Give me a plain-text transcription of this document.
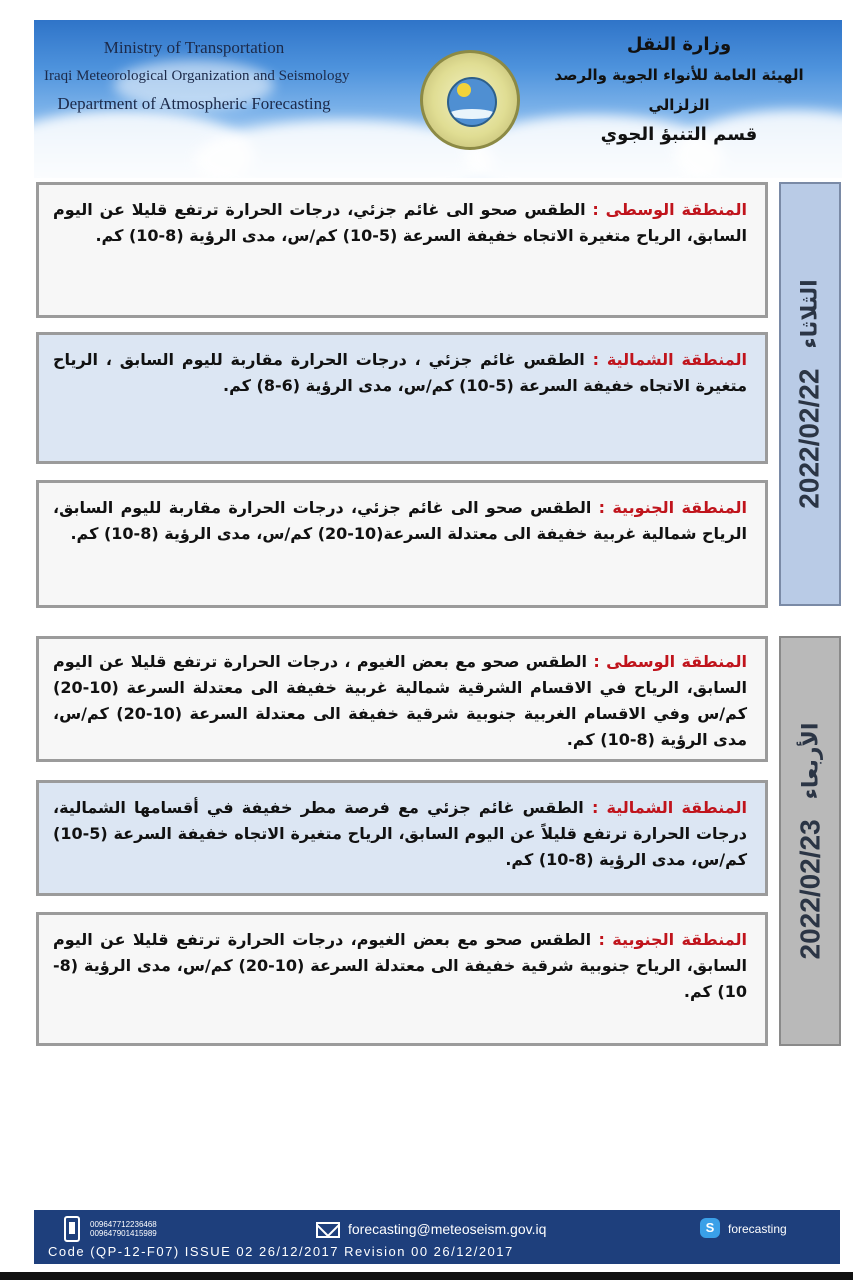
Ministry of Transportation
Iraqi Meteorological Organization and Seismology
Department of Atmospheric Forecasting
وزارة النقل
الهيئة العامة للأنواء الجوية والرصد الزلزالي
قسم التنبؤ الجوي
2022/02/22
الثلاثاء
المنطقة الوسطى : الطقس صحو الى غائم جزئي، درجات الحرارة ترتفع قليلا عن اليوم السابق، الرياح متغيرة الاتجاه خفيفة السرعة (5-10) كم/س، مدى الرؤية (8-10) كم.
المنطقة الشمالية : الطقس غائم جزئي ، درجات الحرارة مقاربة لليوم السابق ، الرياح متغيرة الاتجاه خفيفة السرعة (5-10) كم/س، مدى الرؤية (6-8) كم.
المنطقة الجنوبية : الطقس صحو الى غائم جزئي، درجات الحرارة مقاربة لليوم السابق، الرياح شمالية غربية خفيفة الى معتدلة السرعة(10-20) كم/س، مدى الرؤية (8-10) كم.
2022/02/23
الأربعاء
المنطقة الوسطى : الطقس صحو مع بعض الغيوم ، درجات الحرارة ترتفع قليلا عن اليوم السابق، الرياح في الاقسام الشرقية شمالية غربية خفيفة الى معتدلة السرعة (10-20) كم/س وفي الاقسام الغربية جنوبية شرقية خفيفة الى معتدلة السرعة (10-20) كم/س، مدى الرؤية (8-10) كم.
المنطقة الشمالية : الطقس غائم جزئي مع فرصة مطر خفيفة في أقسامها الشمالية، درجات الحرارة ترتفع قليلاً عن اليوم السابق، الرياح متغيرة الاتجاه خفيفة السرعة (5-10) كم/س، مدى الرؤية (8-10) كم.
المنطقة الجنوبية : الطقس صحو مع بعض الغيوم، درجات الحرارة ترتفع قليلا عن اليوم السابق، الرياح جنوبية شرقية خفيفة الى معتدلة السرعة (10-20) كم/س، مدى الرؤية (8-10) كم.
009647712236468
009647901415989	forecasting@meteoseism.gov.iq	S	forecasting
Code (QP-12-F07) ISSUE 02 26/12/2017 Revision 00 26/12/2017
